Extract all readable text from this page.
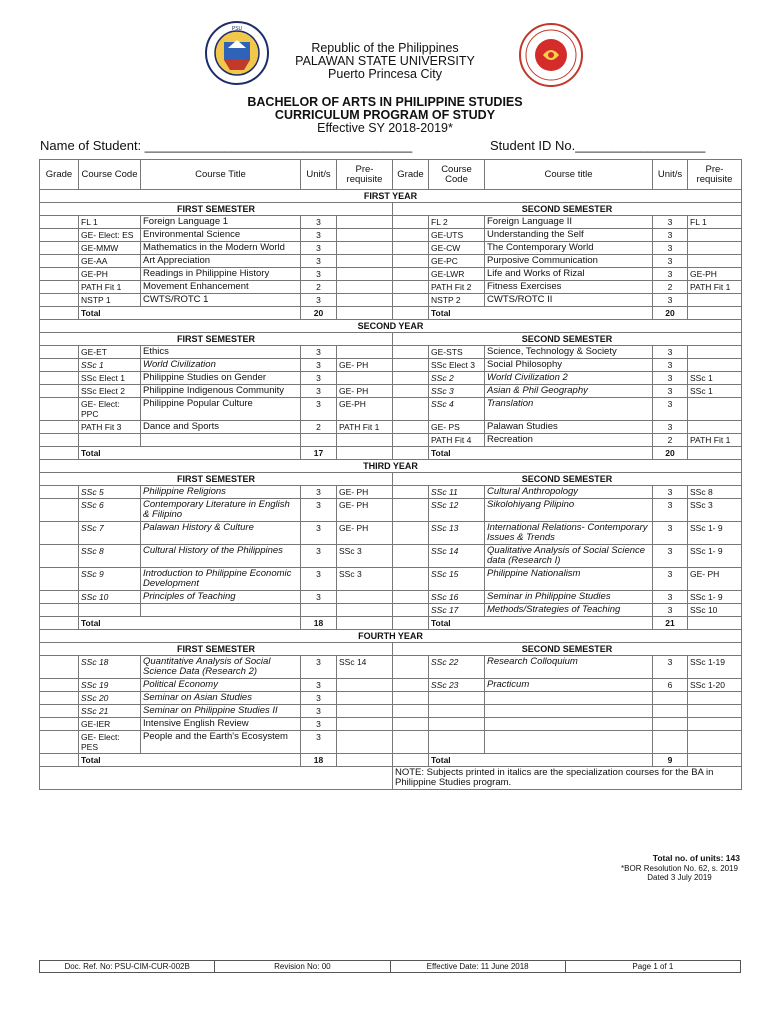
PSU
Republic of the Philippines
PALAWAN STATE UNIVERSITY
Puerto Princesa City
BACHELOR OF ARTS IN PHILIPPINE STUDIES
CURRICULUM PROGRAM OF STUDY
Effective SY 2018-2019*
Name of Student: _____________________________________	Student ID No.__________________
Grade	Course Code	Course Title	Unit/s	Pre-requisite	Grade	Course Code	Course title	Unit/s	Pre-requisite
FIRST YEAR									
FIRST SEMESTER					SECOND SEMESTER				
	FL 1	Foreign Language 1	3			FL 2	Foreign Language II	3	FL 1
	GE- Elect: ES	Environmental Science	3			GE-UTS	Understanding the Self	3	
	GE-MMW	Mathematics in the Modern World	3			GE-CW	The Contemporary World	3	
	GE-AA	Art Appreciation	3			GE-PC	Purposive Communication	3	
	GE-PH	Readings in Philippine History	3			GE-LWR	Life and Works of Rizal	3	GE-PH
	PATH Fit 1	Movement Enhancement	2			PATH Fit 2	Fitness Exercises	2	PATH Fit 1
	NSTP 1	CWTS/ROTC 1	3			NSTP 2	CWTS/ROTC II	3	
	Total		20			Total		20	
SECOND YEAR									
FIRST SEMESTER					SECOND SEMESTER				
	GE-ET	Ethics	3			GE-STS	Science, Technology & Society	3	
	SSc 1	World Civilization	3	GE- PH		SSc Elect 3	Social Philosophy	3	
	SSc Elect 1	Philippine Studies on Gender	3			SSc 2	World Civilization 2	3	SSc 1
	SSc Elect 2	Philippine Indigenous Community	3	GE- PH		SSc 3	Asian & Phil Geography	3	SSc 1
	GE- Elect: PPC	Philippine Popular Culture	3	GE-PH		SSc 4	Translation	3	
	PATH Fit 3	Dance and Sports	2	PATH Fit 1		GE- PS	Palawan Studies	3	
						PATH Fit 4	Recreation	2	PATH Fit 1
	Total		17			Total		20	
THIRD YEAR									
FIRST SEMESTER					SECOND SEMESTER				
	SSc 5	Philippine Religions	3	GE- PH		SSc 11	Cultural Anthropology	3	SSc 8
	SSc 6	Contemporary Literature in English & Filipino	3	GE- PH		SSc 12	Sikolohiyang Pilipino	3	SSc 3
	SSc 7	Palawan History & Culture	3	GE- PH		SSc 13	International Relations- Contemporary Issues & Trends	3	SSc 1- 9
	SSc 8	Cultural History of the Philippines	3	SSc 3		SSc 14	Qualitative Analysis of Social Science data (Research I)	3	SSc 1- 9
	SSc 9	Introduction to Philippine Economic Development	3	SSc 3		SSc 15	Philippine Nationalism	3	GE- PH
	SSc 10	Principles of Teaching	3			SSc 16	Seminar in Philippine Studies	3	SSc 1- 9
						SSc 17	Methods/Strategies of Teaching	3	SSc 10
	Total		18			Total		21	
FOURTH YEAR									
FIRST SEMESTER					SECOND SEMESTER				
	SSc 18	Quantitative Analysis of Social Science Data (Research 2)	3	SSc 14		SSc 22	Research Colloquium	3	SSc 1-19
	SSc 19	Political Economy	3			SSc 23	Practicum	6	SSc 1-20
	SSc 20	Seminar on Asian Studies	3						
	SSc 21	Seminar on Philippine Studies II	3						
	GE-IER	Intensive English Review	3						
	GE- Elect: PES	People and the Earth's Ecosystem	3						
	Total		18			Total		9	
					NOTE: Subjects printed in italics are the specialization courses for the BA in Philippine Studies program.				
Total no. of units: 143
*BOR Resolution No. 62, s. 2019
Dated 3 July 2019
Doc. Ref. No: PSU-CIM-CUR-002B	Revision No: 00	Effective Date: 11 June 2018	Page 1 of 1
